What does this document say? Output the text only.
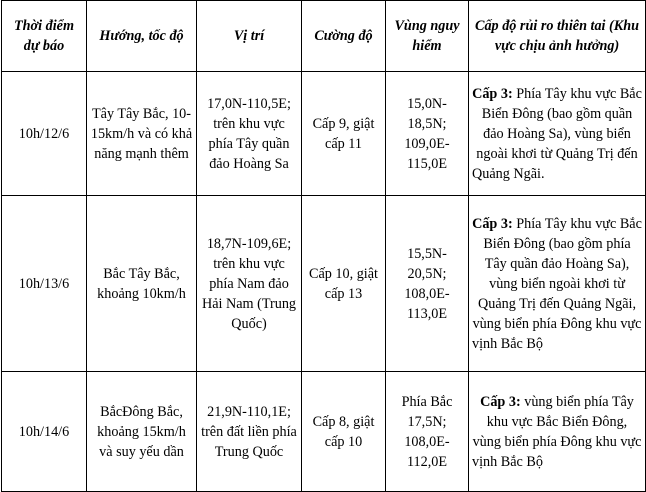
Thời điểm dự báo	Hướng, tốc độ	Vị trí	Cường độ	Vùng nguy hiểm	Cấp độ rủi ro thiên tai (Khu vực chịu ảnh hưởng)
10h/12/6	Tây Tây Bắc, 10-15km/h và có khả năng mạnh thêm	17,0N-110,5E; trên khu vực phía Tây quần đảo Hoàng Sa	Cấp 9, giật cấp 11	15,0N-18,5N; 109,0E-115,0E	Cấp 3: Phía Tây khu vực Bắc Biển Đông (bao gồm quần đảo Hoàng Sa), vùng biển ngoài khơi từ Quảng Trị đến Quảng Ngãi.
10h/13/6	Bắc Tây Bắc, khoảng 10km/h	18,7N-109,6E; trên khu vực phía Nam đảo Hải Nam (Trung Quốc)	Cấp 10, giật cấp 13	15,5N-20,5N; 108,0E-113,0E	Cấp 3: Phía Tây khu vực Bắc Biển Đông (bao gồm phía Tây quần đảo Hoàng Sa), vùng biển ngoài khơi từ Quảng Trị đến Quảng Ngãi, vùng biển phía Đông khu vực vịnh Bắc Bộ
10h/14/6	BắcĐông Bắc, khoảng 15km/h và suy yếu dần	21,9N-110,1E; trên đất liền phía Trung Quốc	Cấp 8, giật cấp 10	Phía Bắc 17,5N; 108,0E-112,0E	Cấp 3: vùng biển phía Tây khu vực Bắc Biển Đông, vùng biển phía Đông khu vực vịnh Bắc Bộ
